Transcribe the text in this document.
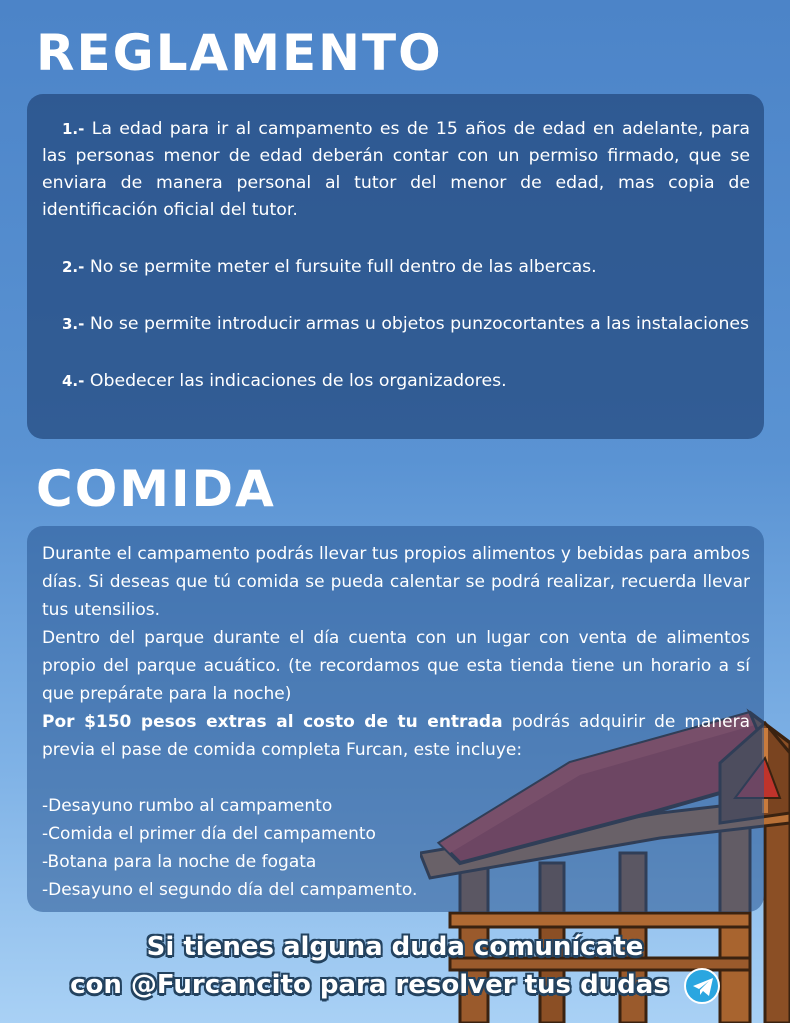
REGLAMENTO

1.- La edad para ir al campamento es de 15 años de edad en adelante, para las personas menor de edad deberán contar con un permiso firmado, que se enviara de manera personal al tutor del menor de edad, mas copia de identificación oficial del tutor.

2.- No se permite meter el fursuite full dentro de las albercas.

3.- No se permite introducir armas u objetos punzocortantes a las instalaciones

4.- Obedecer las indicaciones de los organizadores.

COMIDA

Durante el campamento podrás llevar tus propios alimentos y bebidas para ambos días. Si deseas que tú comida se pueda calentar se podrá realizar, recuerda llevar tus utensilios.

Dentro del parque durante el día cuenta con un lugar con venta de alimentos propio del parque acuático. (te recordamos que esta tienda tiene un horario a sí que prepárate para la noche)

Por $150 pesos extras al costo de tu entrada podrás adquirir de manera previa el pase de comida completa Furcan, este incluye:

-Desayuno rumbo al campamento
-Comida el primer día del campamento
-Botana para la noche de fogata
-Desayuno el segundo día del campamento.
Si tienes alguna duda comunícate
con @Furcancito para resolver tus dudas
